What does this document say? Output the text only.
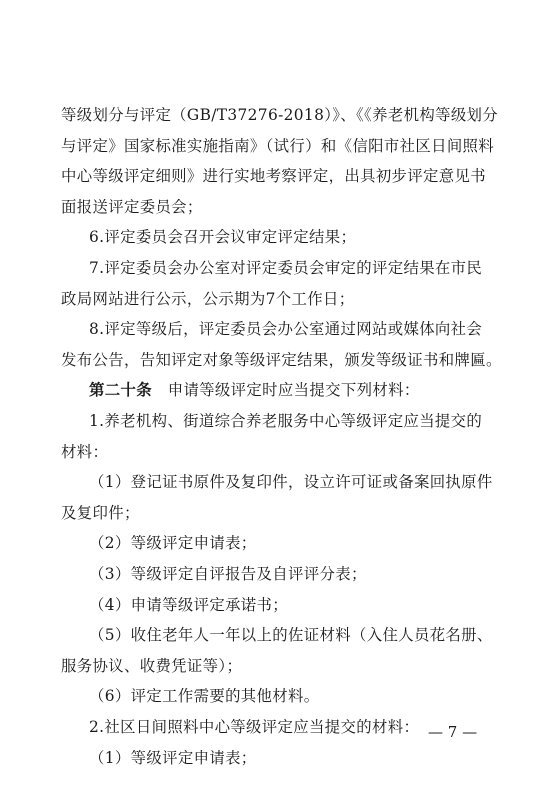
等级划分与评定（GB/T37276-2018）》、《《养老机构等级划分
与评定》国家标准实施指南》（试行）和《信阳市社区日间照料
中心等级评定细则》进行实地考察评定，出具初步评定意见书
面报送评定委员会；
6.评定委员会召开会议审定评定结果；
7.评定委员会办公室对评定委员会审定的评定结果在市民
政局网站进行公示，公示期为7个工作日；
8.评定等级后，评定委员会办公室通过网站或媒体向社会
发布公告，告知评定对象等级评定结果，颁发等级证书和牌匾。
第二十条 申请等级评定时应当提交下列材料：
1.养老机构、街道综合养老服务中心等级评定应当提交的
材料：
（1）登记证书原件及复印件，设立许可证或备案回执原件
及复印件；
（2）等级评定申请表；
（3）等级评定自评报告及自评评分表；
（4）申请等级评定承诺书；
（5）收住老年人一年以上的佐证材料（入住人员花名册、
服务协议、收费凭证等）；
（6）评定工作需要的其他材料。
2.社区日间照料中心等级评定应当提交的材料：
（1）等级评定申请表；
— 7 —
